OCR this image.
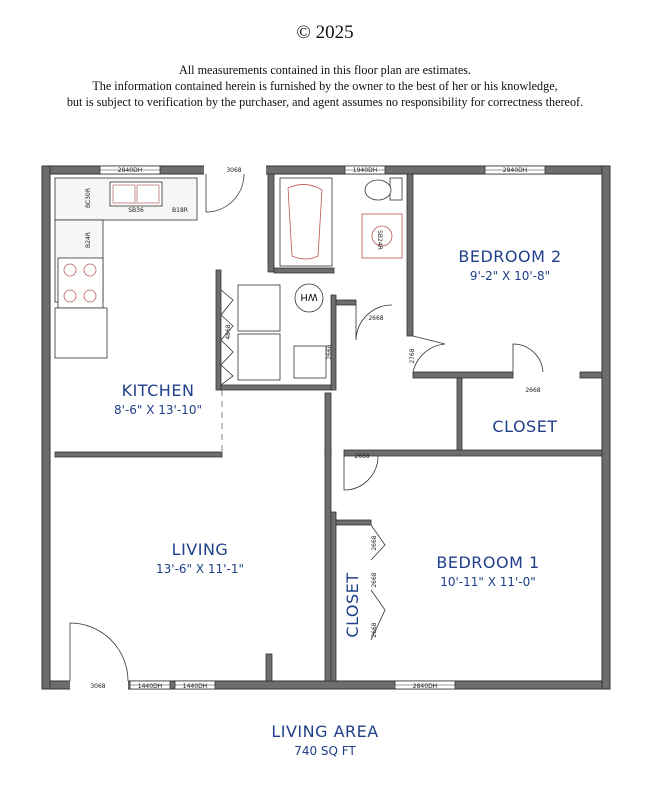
© 2025
All measurements contained in this floor plan are estimates.
The information contained herein is furnished by the owner to the best of her or his knowledge,
but is subject to verification by the purchaser, and agent assumes no responsibility for correctness thereof.
SB36	B18R
BC30R
B24R	SB24R
WH
2840DH	3068	1940DH	2840DH
2668
2768
2668
2668
4868
2668
2668
2668
2668
3068	1440DH	1440DH	2840DH
KITCHEN
8'-6" X 13'-10"
LIVING
13'-6" X 11'-1"
BEDROOM 2
9'-2" X 10'-8"
BEDROOM 1
10'-11" X 11'-0"
CLOSET
CLOSET
LIVING AREA
740 SQ FT
